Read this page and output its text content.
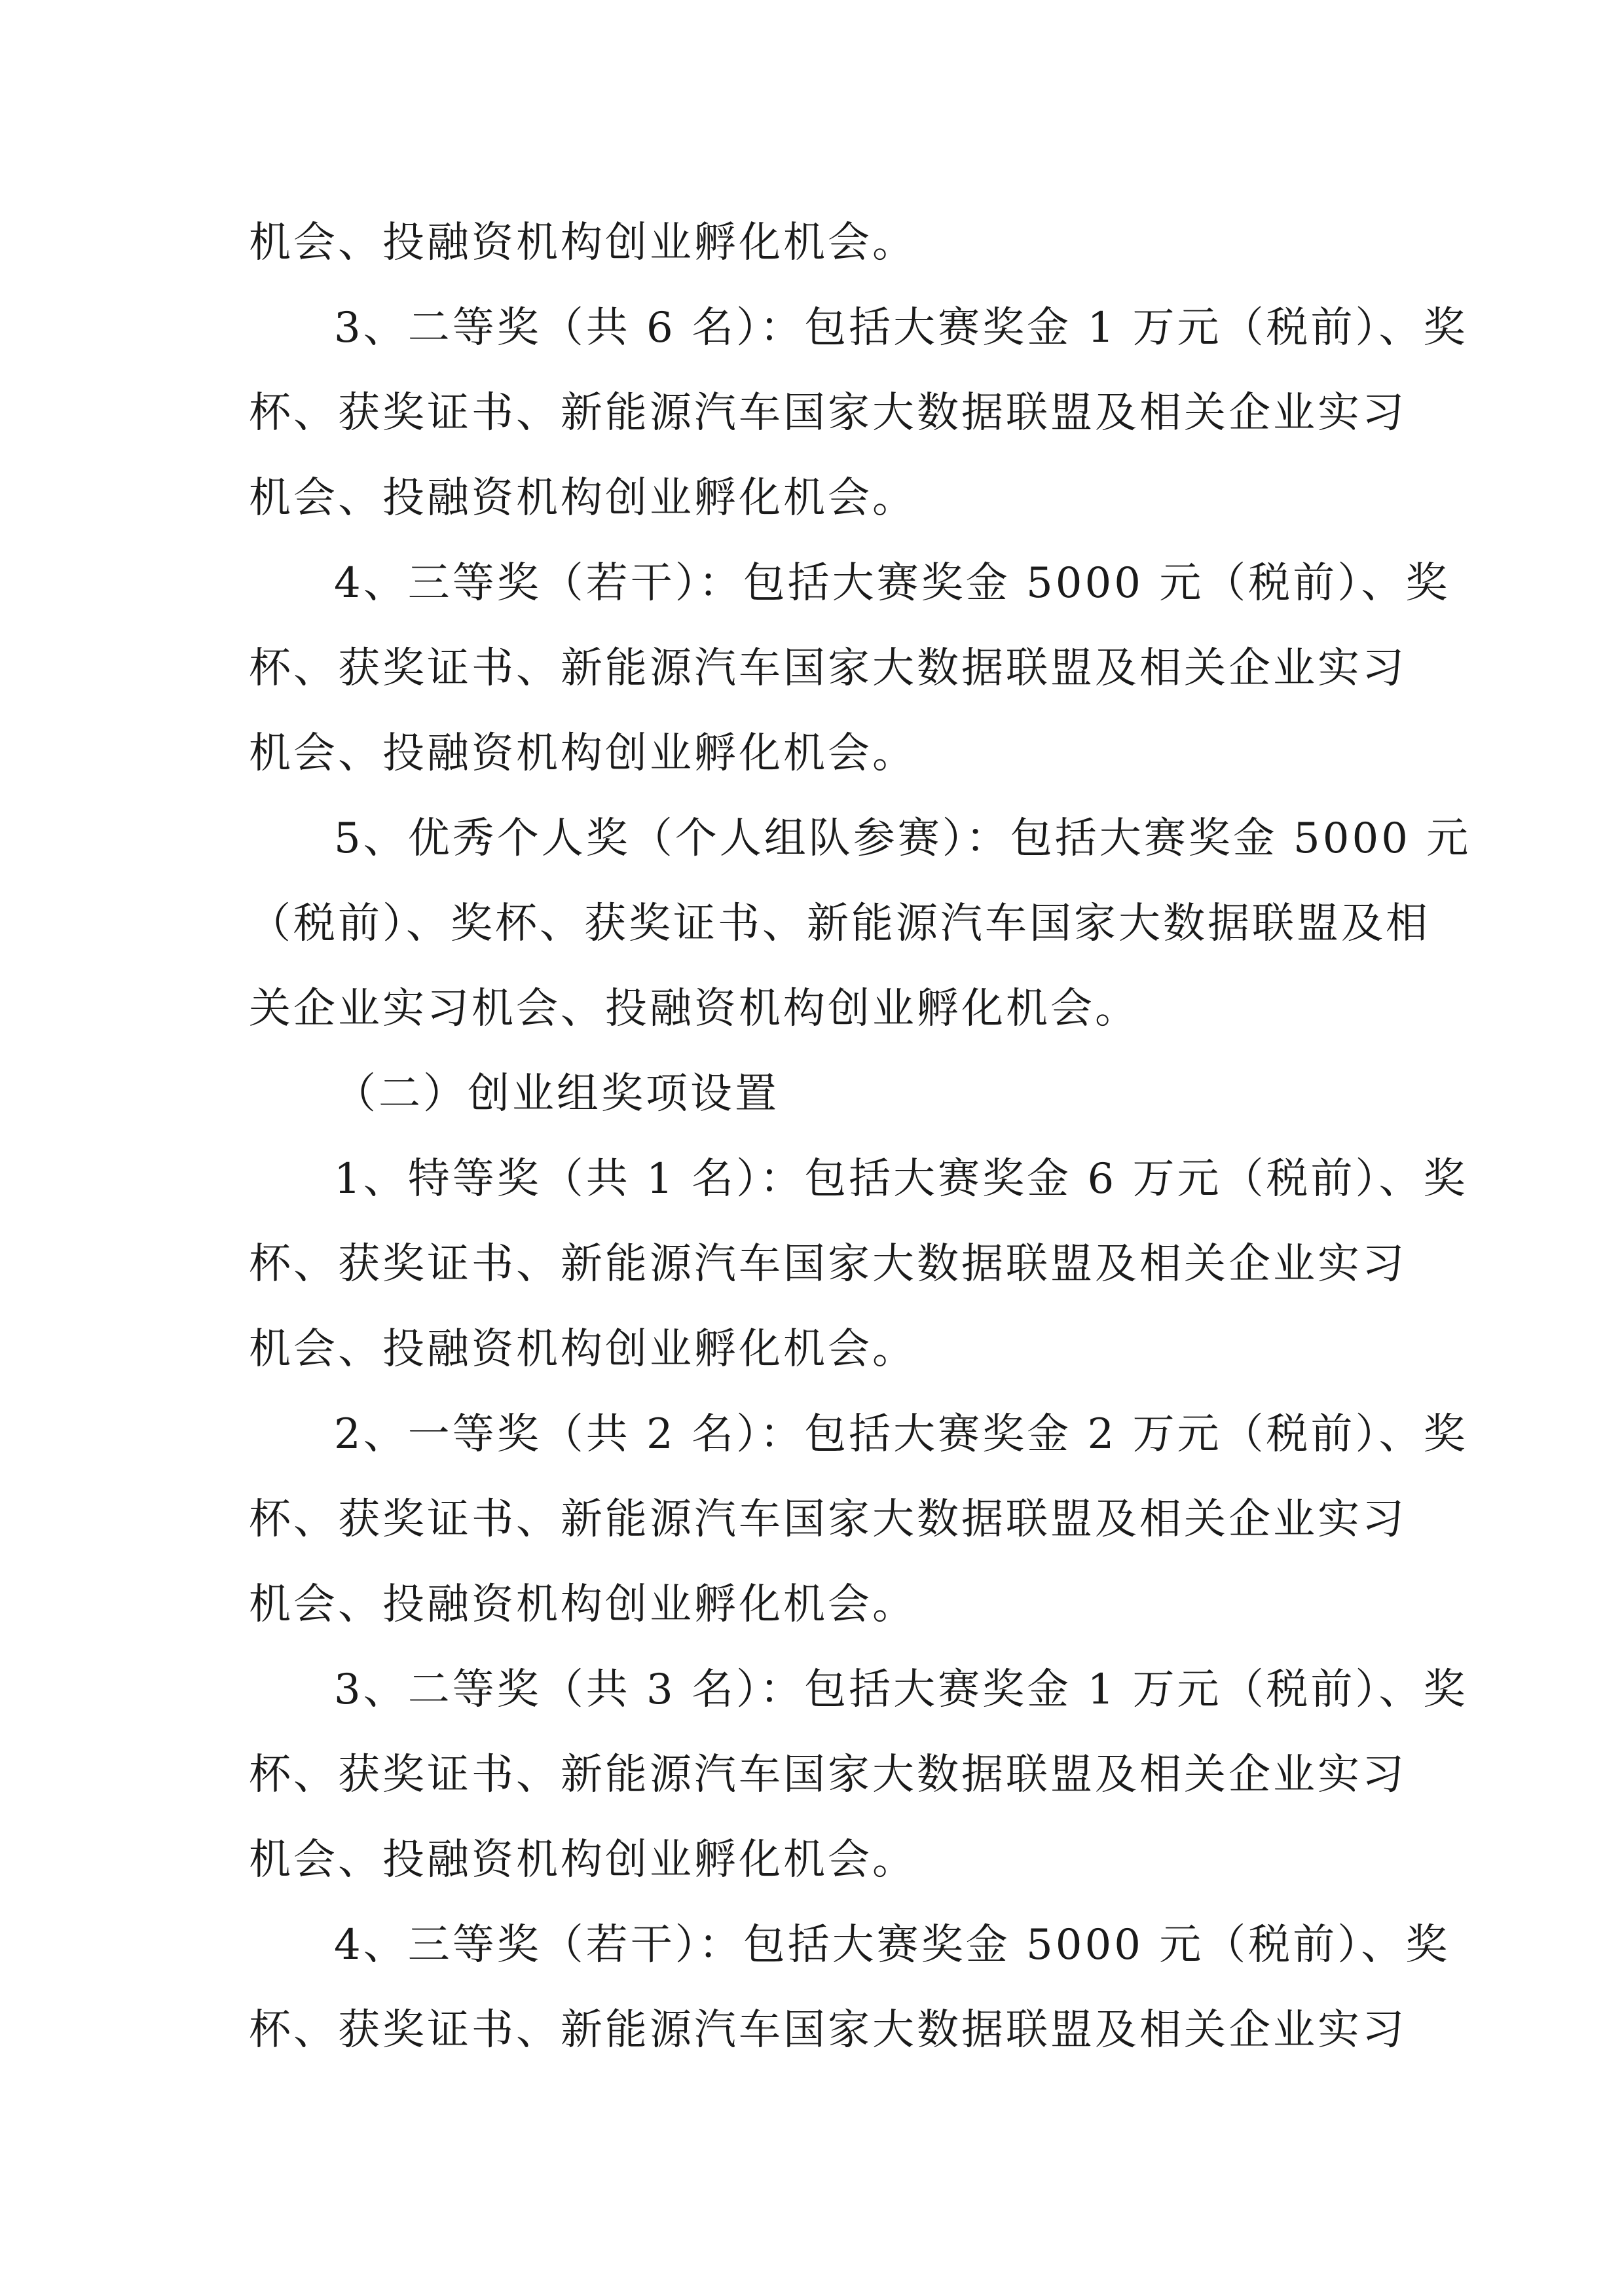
机会、投融资机构创业孵化机会。
3、二等奖（共 6 名）：包括大赛奖金 1 万元（税前）、奖
杯、获奖证书、新能源汽车国家大数据联盟及相关企业实习
机会、投融资机构创业孵化机会。
4、三等奖（若干）：包括大赛奖金 5000 元（税前）、奖
杯、获奖证书、新能源汽车国家大数据联盟及相关企业实习
机会、投融资机构创业孵化机会。
5、优秀个人奖（个人组队参赛）：包括大赛奖金 5000 元
（税前）、奖杯、获奖证书、新能源汽车国家大数据联盟及相
关企业实习机会、投融资机构创业孵化机会。
（二）创业组奖项设置
1、特等奖（共 1 名）：包括大赛奖金 6 万元（税前）、奖
杯、获奖证书、新能源汽车国家大数据联盟及相关企业实习
机会、投融资机构创业孵化机会。
2、一等奖（共 2 名）：包括大赛奖金 2 万元（税前）、奖
杯、获奖证书、新能源汽车国家大数据联盟及相关企业实习
机会、投融资机构创业孵化机会。
3、二等奖（共 3 名）：包括大赛奖金 1 万元（税前）、奖
杯、获奖证书、新能源汽车国家大数据联盟及相关企业实习
机会、投融资机构创业孵化机会。
4、三等奖（若干）：包括大赛奖金 5000 元（税前）、奖
杯、获奖证书、新能源汽车国家大数据联盟及相关企业实习
